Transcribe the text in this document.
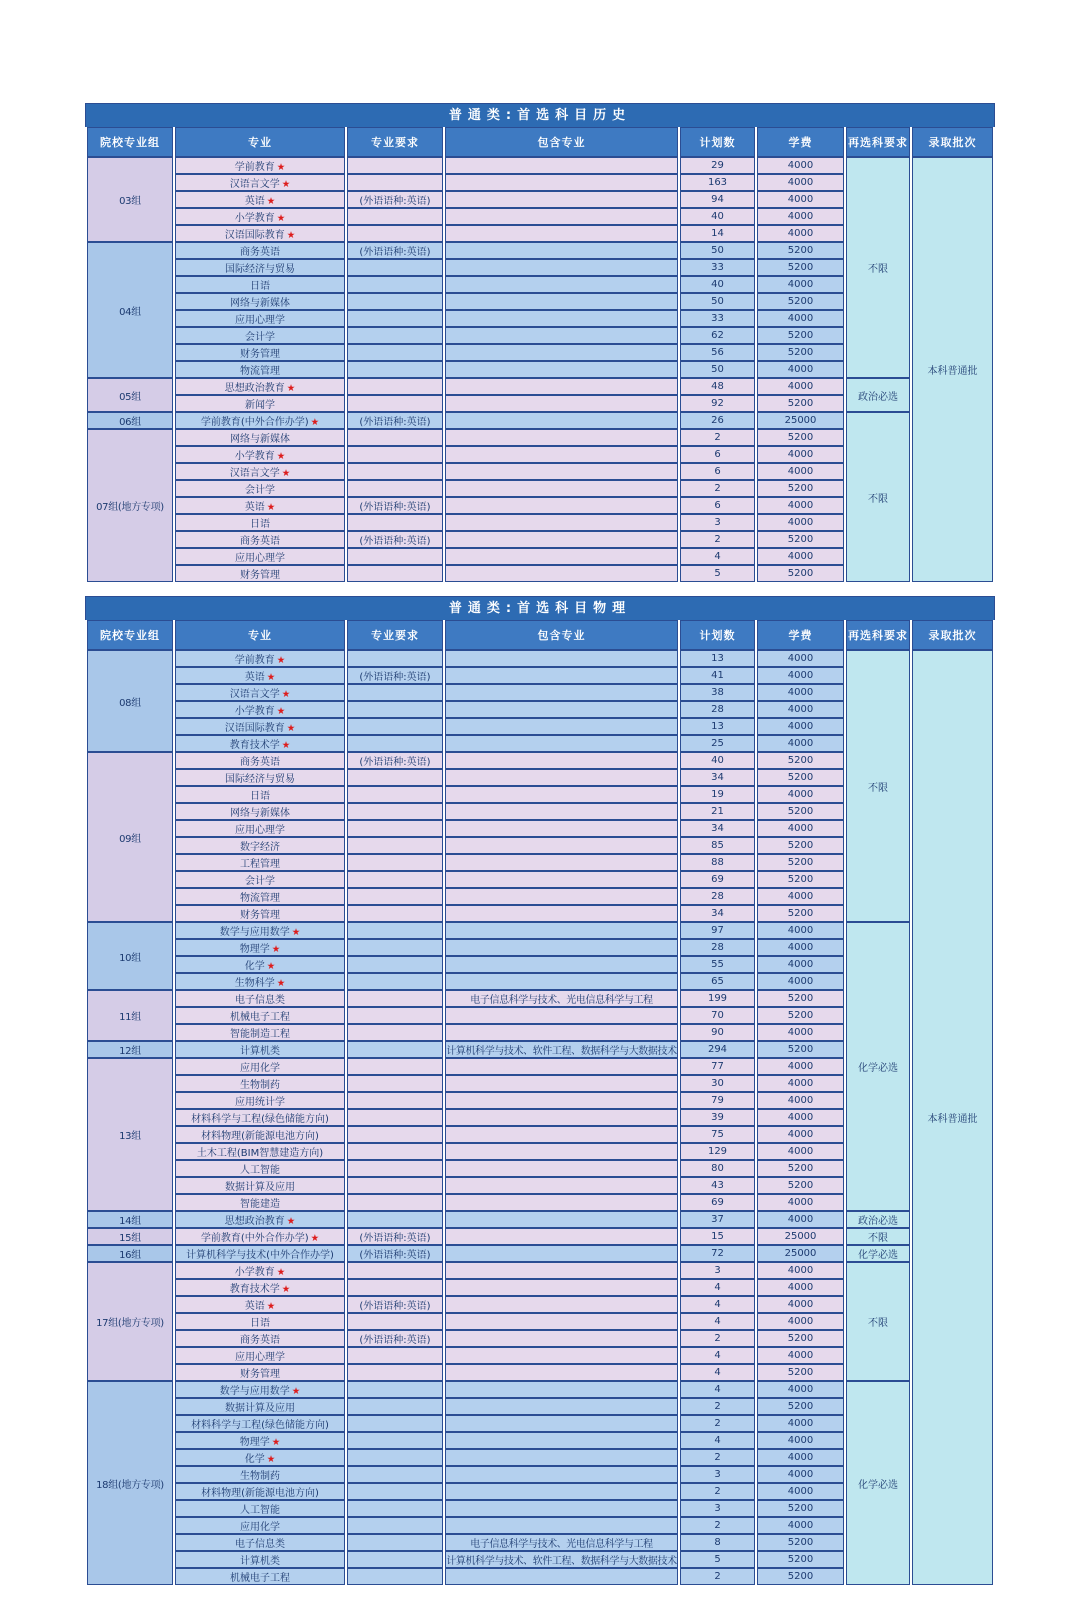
普通类:首选科目历史
院校专业组	专业	专业要求	包含专业	计划数	学费	再选科要求	录取批次
03组	学前教育 ★			29	4000	不限	本科普通批
	汉语言文学 ★			163	4000		
	英语 ★	(外语语种:英语)		94	4000		
	小学教育 ★			40	4000		
	汉语国际教育 ★			14	4000		
04组	商务英语	(外语语种:英语)		50	5200		
	国际经济与贸易			33	5200		
	日语			40	4000		
	网络与新媒体			50	5200		
	应用心理学			33	4000		
	会计学			62	5200		
	财务管理			56	5200		
	物流管理			50	4000		
05组	思想政治教育 ★			48	4000	政治必选	
	新闻学			92	5200		
06组	学前教育(中外合作办学) ★	(外语语种:英语)		26	25000	不限	
07组(地方专项)	网络与新媒体			2	5200		
	小学教育 ★			6	4000		
	汉语言文学 ★			6	4000		
	会计学			2	5200		
	英语 ★	(外语语种:英语)		6	4000		
	日语			3	4000		
	商务英语	(外语语种:英语)		2	5200		
	应用心理学			4	4000		
	财务管理			5	5200		
普通类:首选科目物理
院校专业组	专业	专业要求	包含专业	计划数	学费	再选科要求	录取批次
08组	学前教育 ★			13	4000	不限	本科普通批
	英语 ★	(外语语种:英语)		41	4000		
	汉语言文学 ★			38	4000		
	小学教育 ★			28	4000		
	汉语国际教育 ★			13	4000		
	教育技术学 ★			25	4000		
09组	商务英语	(外语语种:英语)		40	5200		
	国际经济与贸易			34	5200		
	日语			19	4000		
	网络与新媒体			21	5200		
	应用心理学			34	4000		
	数字经济			85	5200		
	工程管理			88	5200		
	会计学			69	5200		
	物流管理			28	4000		
	财务管理			34	5200		
10组	数学与应用数学 ★			97	4000	化学必选	
	物理学 ★			28	4000		
	化学 ★			55	4000		
	生物科学 ★			65	4000		
11组	电子信息类		电子信息科学与技术、光电信息科学与工程	199	5200		
	机械电子工程			70	5200		
	智能制造工程			90	4000		
12组	计算机类		计算机科学与技术、软件工程、数据科学与大数据技术	294	5200		
13组	应用化学			77	4000		
	生物制药			30	4000		
	应用统计学			79	4000		
	材料科学与工程(绿色储能方向)			39	4000		
	材料物理(新能源电池方向)			75	4000		
	土木工程(BIM智慧建造方向)			129	4000		
	人工智能			80	5200		
	数据计算及应用			43	5200		
	智能建造			69	4000		
14组	思想政治教育 ★			37	4000	政治必选	
15组	学前教育(中外合作办学) ★	(外语语种:英语)		15	25000	不限	
16组	计算机科学与技术(中外合作办学)	(外语语种:英语)		72	25000	化学必选	
17组(地方专项)	小学教育 ★			3	4000	不限	
	教育技术学 ★			4	4000		
	英语 ★	(外语语种:英语)		4	4000		
	日语			4	4000		
	商务英语	(外语语种:英语)		2	5200		
	应用心理学			4	4000		
	财务管理			4	5200		
18组(地方专项)	数学与应用数学 ★			4	4000	化学必选	
	数据计算及应用			2	5200		
	材料科学与工程(绿色储能方向)			2	4000		
	物理学 ★			4	4000		
	化学 ★			2	4000		
	生物制药			3	4000		
	材料物理(新能源电池方向)			2	4000		
	人工智能			3	5200		
	应用化学			2	4000		
	电子信息类		电子信息科学与技术、光电信息科学与工程	8	5200		
	计算机类		计算机科学与技术、软件工程、数据科学与大数据技术	5	5200		
	机械电子工程			2	5200		
